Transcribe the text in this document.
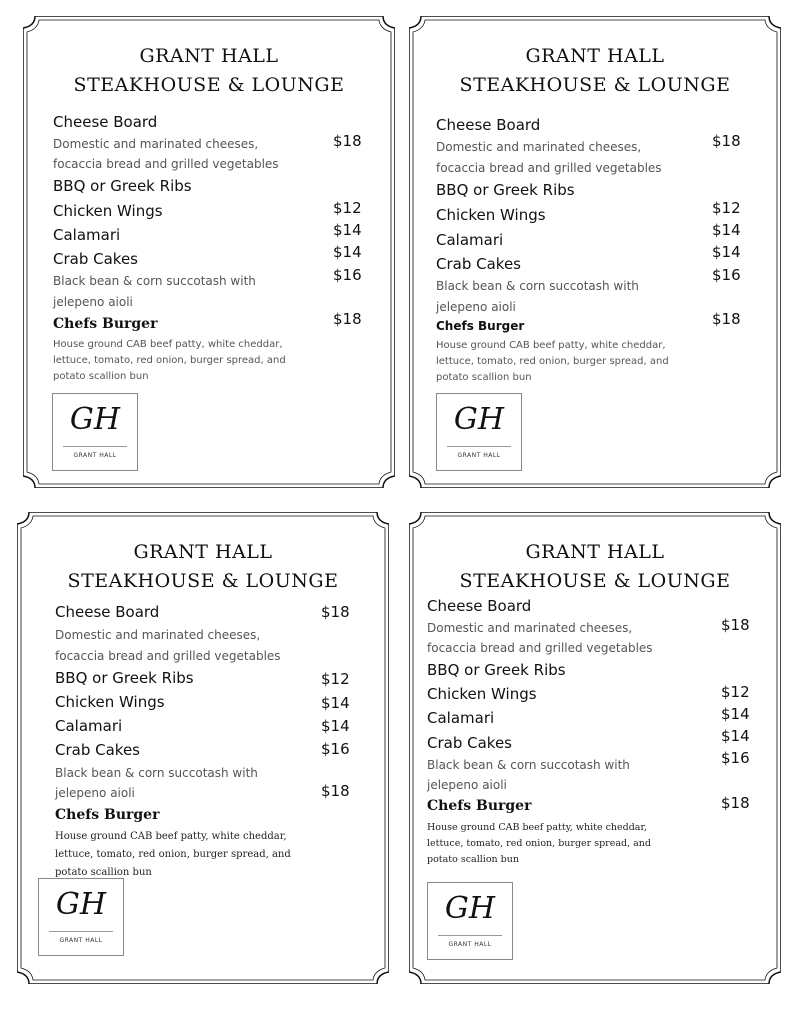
GRANT HALL
STEAKHOUSE & LOUNGE
Cheese Board
Domestic and marinated cheeses,
focaccia bread and grilled vegetables
BBQ or Greek Ribs
Chicken Wings
Calamari
Crab Cakes
Black bean & corn succotash with
jelepeno aioli
Chefs Burger
House ground CAB beef patty, white cheddar,
lettuce, tomato, red onion, burger spread, and
potato scallion bun
$18
$12
$14
$14
$16
$18
GH
GRANT HALL
GRANT HALL
STEAKHOUSE & LOUNGE
Cheese Board
Domestic and marinated cheeses,
focaccia bread and grilled vegetables
BBQ or Greek Ribs
Chicken Wings
Calamari
Crab Cakes
Black bean & corn succotash with
jelepeno aioli
Chefs Burger
House ground CAB beef patty, white cheddar,
lettuce, tomato, red onion, burger spread, and
potato scallion bun
$18
$12
$14
$14
$16
$18
GH
GRANT HALL
GRANT HALL
STEAKHOUSE & LOUNGE
Cheese Board
Domestic and marinated cheeses,
focaccia bread and grilled vegetables
BBQ or Greek Ribs
Chicken Wings
Calamari
Crab Cakes
Black bean & corn succotash with
jelepeno aioli
Chefs Burger
House ground CAB beef patty, white cheddar,
lettuce, tomato, red onion, burger spread, and
potato scallion bun
$18
$12
$14
$14
$16
$18
GH
GRANT HALL
GRANT HALL
STEAKHOUSE & LOUNGE
Cheese Board
Domestic and marinated cheeses,
focaccia bread and grilled vegetables
BBQ or Greek Ribs
Chicken Wings
Calamari
Crab Cakes
Black bean & corn succotash with
jelepeno aioli
Chefs Burger
House ground CAB beef patty, white cheddar,
lettuce, tomato, red onion, burger spread, and
potato scallion bun
$18
$12
$14
$14
$16
$18
GH
GRANT HALL
